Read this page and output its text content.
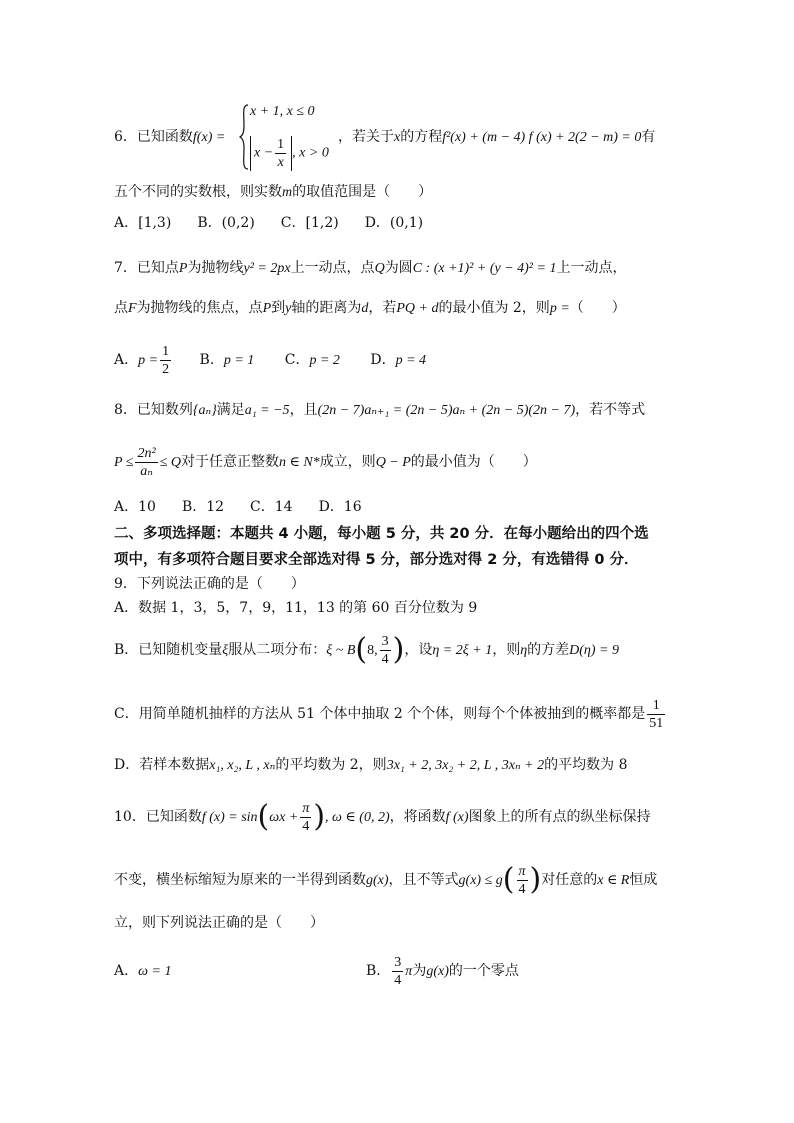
6．已知函数f(x) =
x + 1, x ≤ 0
$x - \frac{1}{x}$ , x > 0
，若关于x的方程f²(x) + (m − 4) f (x) + 2(2 − m) = 0有
五个不同的实数根，则实数m的取值范围是（　　）
A．[1,3) B．(0,2) C．[1,2) D．(0,1)
7．已知点P为抛物线y² = 2px上一动点，点Q为圆C : (x +1)² + (y − 4)² = 1上一动点，
点F为抛物线的焦点，点P到y轴的距离为d，若PQ + d的最小值为 2，则p =（　　）
A．$p = \frac{1}{2}$ B．p = 1 C．p = 2 D．p = 4
8．已知数列{aₙ}满足a₁ = −5，且(2n − 7)aₙ₊₁ = (2n − 5)aₙ + (2n − 5)(2n − 7)，若不等式
$P \le \frac{\text{2n²}}{\text{aₙ}} \le Q$对于任意正整数n ∈ N*成立，则Q − P的最小值为（　　）
A．10 B．12 C．14 D．16
二、多项选择题：本题共 4 小题，每小题 5 分，共 20 分．在每小题给出的四个选
项中，有多项符合题目要求全部选对得 5 分，部分选对得 2 分，有选错得 0 分．
9．下列说法正确的是（　　）
A．数据 1，3，5，7，9，11，13 的第 60 百分位数为 9
B．已知随机变量ξ服从二项分布：ξ ~ B(8, $\frac{3}{4}$ )，设η = 2ξ + 1，则η的方差D(η) = 9
C．用简单随机抽样的方法从 51 个体中抽取 2 个个体，则每个个体被抽到的概率都是 $\frac{1}{51}$
D．若样本数据x₁, x₂, L , xₙ的平均数为 2，则3x₁ + 2, 3x₂ + 2, L , 3xₙ + 2的平均数为 8
10．已知函数f $(x) = \sin(\omega x + \frac{\pi}{4}$ ), ω ∈ (0, 2)，将函数f (x)图象上的所有点的纵坐标保持
不变，横坐标缩短为原来的一半得到函数g(x)，且不等式$g(x) \le g( \frac{\pi}{4}$ )对任意的x ∈ R恒成
立，则下列说法正确的是（　　）
A．ω = 1	B． $\frac{3}{4}$ π为g(x)的一个零点
